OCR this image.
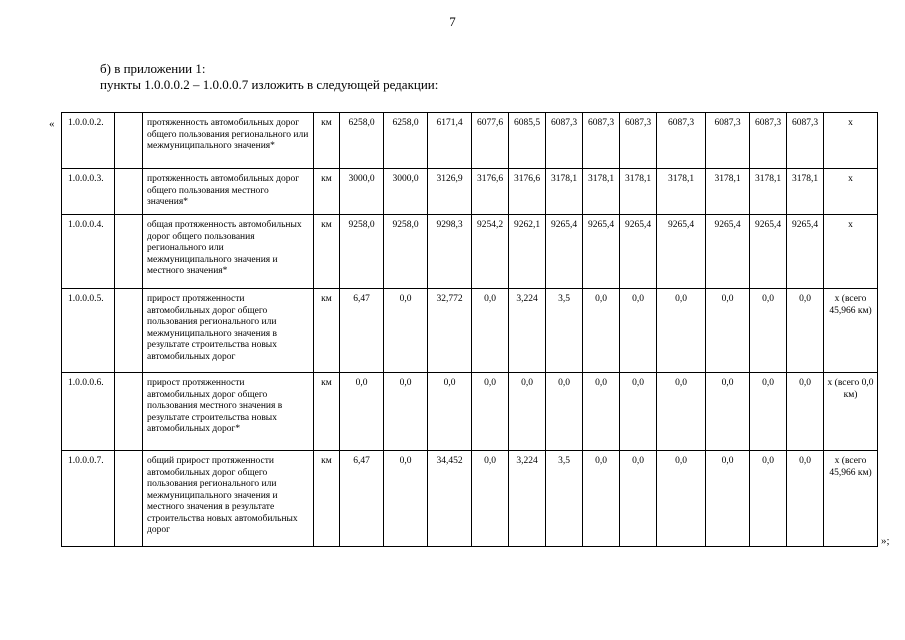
7
б) в приложении 1:
пункты 1.0.0.0.2 – 1.0.0.0.7 изложить в следующей редакции:
« 1.0.0.0.2.		протяженность автомобильных дорог общего пользования регионального или межмуниципального значения*	км	6258,0	6258,0	6171,4	6077,6	6085,5	6087,3	6087,3	6087,3	6087,3	6087,3	6087,3	6087,3	х
1.0.0.0.3.		протяженность автомобильных дорог общего пользования местного значения*	км	3000,0	3000,0	3126,9	3176,6	3176,6	3178,1	3178,1	3178,1	3178,1	3178,1	3178,1	3178,1	х
1.0.0.0.4.		общая протяженность автомобильных дорог общего пользования регионального или межмуниципального значения и местного значения*	км	9258,0	9258,0	9298,3	9254,2	9262,1	9265,4	9265,4	9265,4	9265,4	9265,4	9265,4	9265,4	х
1.0.0.0.5.		прирост протяженности автомобильных дорог общего пользования регионального или межмуниципального значения в результате строительства новых автомобильных дорог	км	6,47	0,0	32,772	0,0	3,224	3,5	0,0	0,0	0,0	0,0	0,0	0,0	х (всего 45,966 км)
1.0.0.0.6.		прирост протяженности автомобильных дорог общего пользования местного значения в результате строительства новых автомобильных дорог*	км	0,0	0,0	0,0	0,0	0,0	0,0	0,0	0,0	0,0	0,0	0,0	0,0	х (всего 0,0 км)
1.0.0.0.7.		общий прирост протяженности автомобильных дорог общего пользования регионального или межмуниципального значения и местного значения в результате строительства новых автомобильных дорог	км	6,47	0,0	34,452	0,0	3,224	3,5	0,0	0,0	0,0	0,0	0,0	0,0	х (всего 45,966 км)
»;
